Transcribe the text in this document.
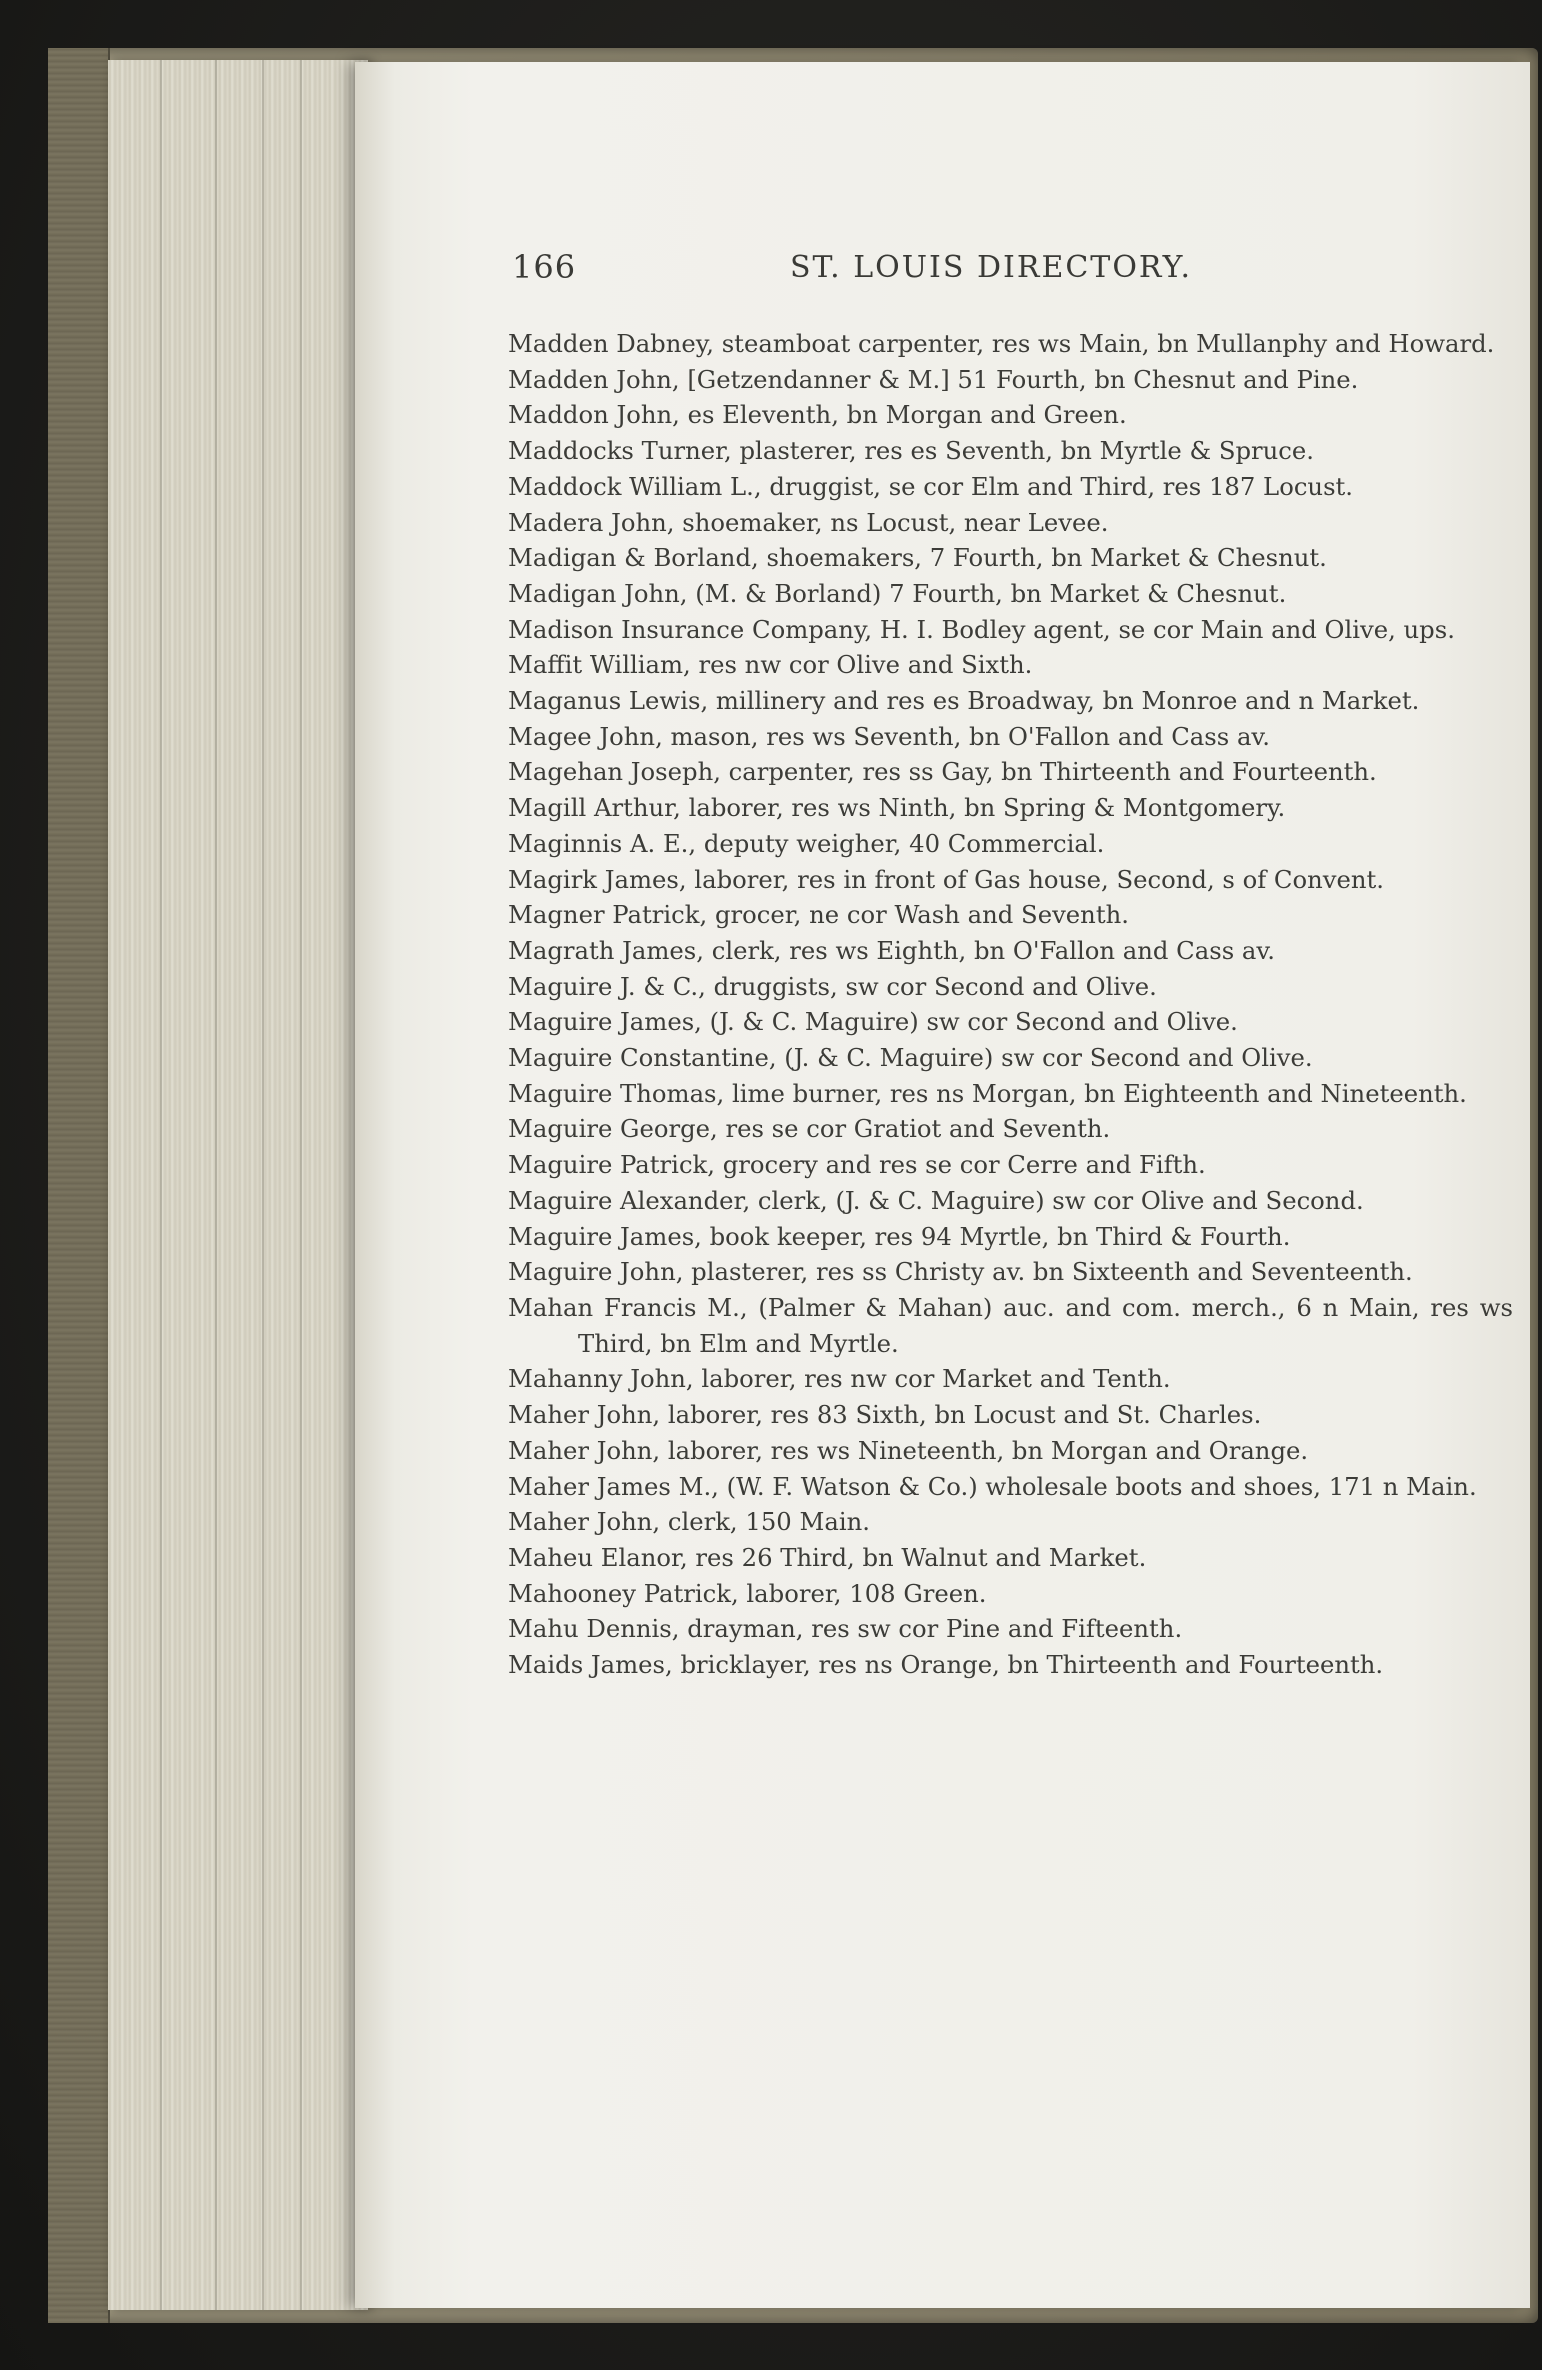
166	ST. LOUIS DIRECTORY.
Madden Dabney, steamboat carpenter, res ws Main, bn Mullanphy and Howard.
Madden John, [Getzendanner & M.] 51 Fourth, bn Chesnut and Pine.
Maddon John, es Eleventh, bn Morgan and Green.
Maddocks Turner, plasterer, res es Seventh, bn Myrtle & Spruce.
Maddock William L., druggist, se cor Elm and Third, res 187 Locust.
Madera John, shoemaker, ns Locust, near Levee.
Madigan & Borland, shoemakers, 7 Fourth, bn Market & Chesnut.
Madigan John, (M. & Borland) 7 Fourth, bn Market & Chesnut.
Madison Insurance Company, H. I. Bodley agent, se cor Main and Olive, ups.
Maffit William, res nw cor Olive and Sixth.
Maganus Lewis, millinery and res es Broadway, bn Monroe and n Market.
Magee John, mason, res ws Seventh, bn O'Fallon and Cass av.
Magehan Joseph, carpenter, res ss Gay, bn Thirteenth and Fourteenth.
Magill Arthur, laborer, res ws Ninth, bn Spring & Montgomery.
Maginnis A. E., deputy weigher, 40 Commercial.
Magirk James, laborer, res in front of Gas house, Second, s of Convent.
Magner Patrick, grocer, ne cor Wash and Seventh.
Magrath James, clerk, res ws Eighth, bn O'Fallon and Cass av.
Maguire J. & C., druggists, sw cor Second and Olive.
Maguire James, (J. & C. Maguire) sw cor Second and Olive.
Maguire Constantine, (J. & C. Maguire) sw cor Second and Olive.
Maguire Thomas, lime burner, res ns Morgan, bn Eighteenth and Nineteenth.
Maguire George, res se cor Gratiot and Seventh.
Maguire Patrick, grocery and res se cor Cerre and Fifth.
Maguire Alexander, clerk, (J. & C. Maguire) sw cor Olive and Second.
Maguire James, book keeper, res 94 Myrtle, bn Third & Fourth.
Maguire John, plasterer, res ss Christy av. bn Sixteenth and Seventeenth.
Mahan Francis M., (Palmer & Mahan) auc. and com. merch., 6 n Main, res ws Third, bn Elm and Myrtle.
Mahanny John, laborer, res nw cor Market and Tenth.
Maher John, laborer, res 83 Sixth, bn Locust and St. Charles.
Maher John, laborer, res ws Nineteenth, bn Morgan and Orange.
Maher James M., (W. F. Watson & Co.) wholesale boots and shoes, 171 n Main.
Maher John, clerk, 150 Main.
Maheu Elanor, res 26 Third, bn Walnut and Market.
Mahooney Patrick, laborer, 108 Green.
Mahu Dennis, drayman, res sw cor Pine and Fifteenth.
Maids James, bricklayer, res ns Orange, bn Thirteenth and Fourteenth.
